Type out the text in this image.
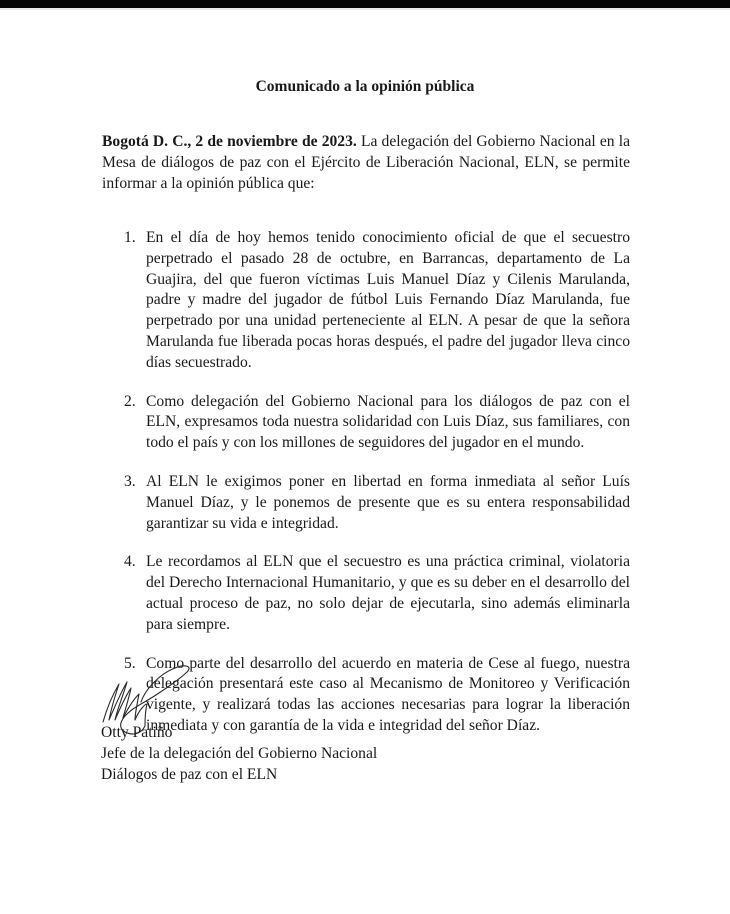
Comunicado a la opinión pública

Bogotá D. C., 2 de noviembre de 2023. La delegación del Gobierno Nacional en la Mesa de diálogos de paz con el Ejército de Liberación Nacional, ELN, se permite informar a la opinión pública que:

1. En el día de hoy hemos tenido conocimiento oficial de que el secuestro perpetrado el pasado 28 de octubre, en Barrancas, departamento de La Guajira, del que fueron víctimas Luis Manuel Díaz y Cilenis Marulanda, padre y madre del jugador de fútbol Luis Fernando Díaz Marulanda, fue perpetrado por una unidad perteneciente al ELN. A pesar de que la señora Marulanda fue liberada pocas horas después, el padre del jugador lleva cinco días secuestrado.
2. Como delegación del Gobierno Nacional para los diálogos de paz con el ELN, expresamos toda nuestra solidaridad con Luis Díaz, sus familiares, con todo el país y con los millones de seguidores del jugador en el mundo.
3. Al ELN le exigimos poner en libertad en forma inmediata al señor Luís Manuel Díaz, y le ponemos de presente que es su entera responsabilidad garantizar su vida e integridad.
4. Le recordamos al ELN que el secuestro es una práctica criminal, violatoria del Derecho Internacional Humanitario, y que es su deber en el desarrollo del actual proceso de paz, no solo dejar de ejecutarla, sino además eliminarla para siempre.
5. Como parte del desarrollo del acuerdo en materia de Cese al fuego, nuestra delegación presentará este caso al Mecanismo de Monitoreo y Verificación vigente, y realizará todas las acciones necesarias para lograr la liberación inmediata y con garantía de la vida e integridad del señor Díaz.
Otty Patiño
Jefe de la delegación del Gobierno Nacional
Diálogos de paz con el ELN
